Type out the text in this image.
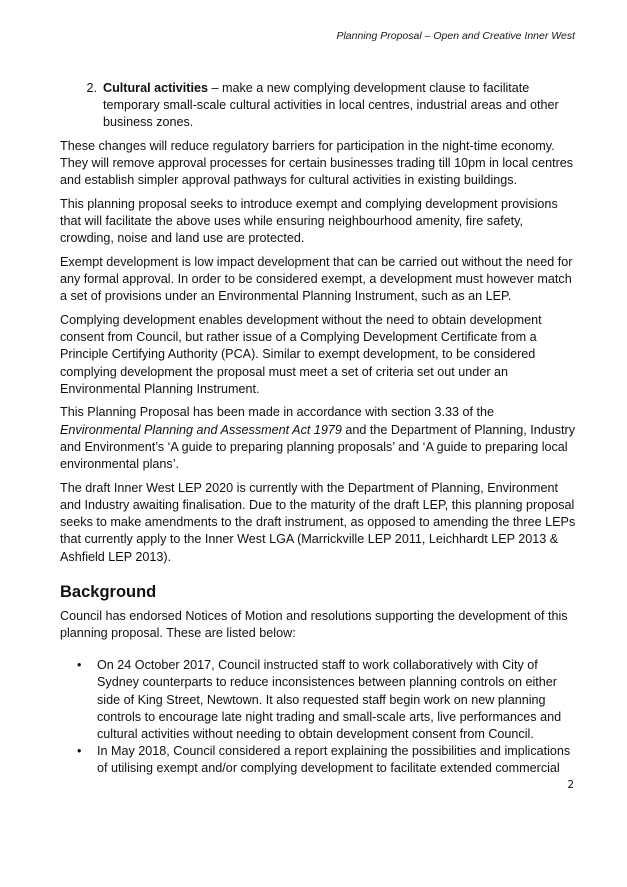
Planning Proposal – Open and Creative Inner West
2. Cultural activities – make a new complying development clause to facilitate temporary small-scale cultural activities in local centres, industrial areas and other business zones.

These changes will reduce regulatory barriers for participation in the night-time economy. They will remove approval processes for certain businesses trading till 10pm in local centres and establish simpler approval pathways for cultural activities in existing buildings.

This planning proposal seeks to introduce exempt and complying development provisions that will facilitate the above uses while ensuring neighbourhood amenity, fire safety, crowding, noise and land use are protected.

Exempt development is low impact development that can be carried out without the need for any formal approval. In order to be considered exempt, a development must however match a set of provisions under an Environmental Planning Instrument, such as an LEP.

Complying development enables development without the need to obtain development consent from Council, but rather issue of a Complying Development Certificate from a Principle Certifying Authority (PCA). Similar to exempt development, to be considered complying development the proposal must meet a set of criteria set out under an Environmental Planning Instrument.

This Planning Proposal has been made in accordance with section 3.33 of the Environmental Planning and Assessment Act 1979 and the Department of Planning, Industry and Environment’s ‘A guide to preparing planning proposals’ and ‘A guide to preparing local environmental plans’.

The draft Inner West LEP 2020 is currently with the Department of Planning, Environment and Industry awaiting finalisation. Due to the maturity of the draft LEP, this planning proposal seeks to make amendments to the draft instrument, as opposed to amending the three LEPs that currently apply to the Inner West LGA (Marrickville LEP 2011, Leichhardt LEP 2013 & Ashfield LEP 2013).

Background

Council has endorsed Notices of Motion and resolutions supporting the development of this planning proposal. These are listed below:

•	On 24 October 2017, Council instructed staff to work collaboratively with City of Sydney counterparts to reduce inconsistences between planning controls on either side of King Street, Newtown. It also requested staff begin work on new planning controls to encourage late night trading and small-scale arts, live performances and cultural activities without needing to obtain development consent from Council.
•	In May 2018, Council considered a report explaining the possibilities and implications of utilising exempt and/or complying development to facilitate extended commercial
2
